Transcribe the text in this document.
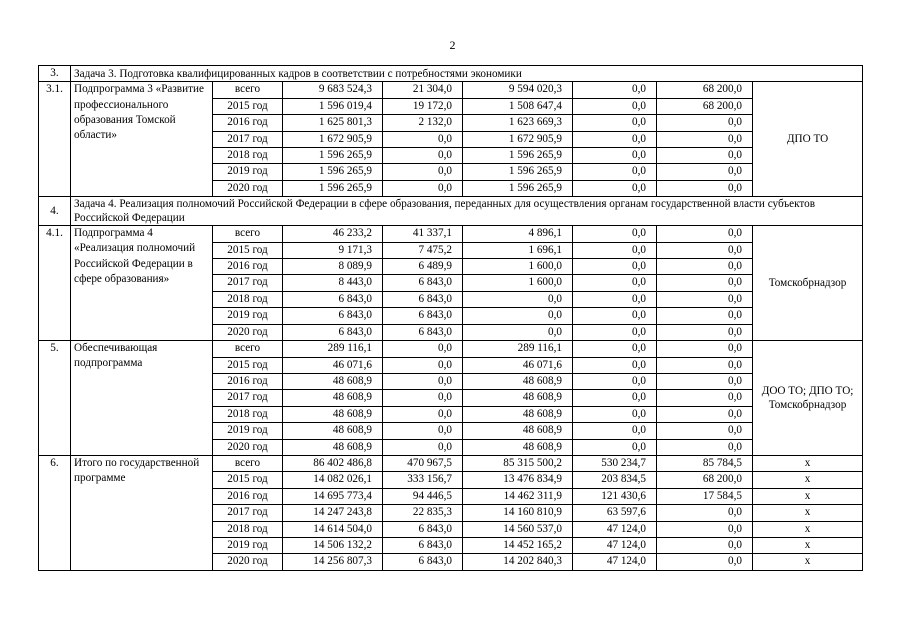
2
3.	Задача 3. Подготовка квалифицированных кадров в соответствии с потребностями экономики							
3.1.	Подпрограмма 3 «Развитие профессионального образования Томской области»	всего	9 683 524,3	21 304,0	9 594 020,3	0,0	68 200,0	ДПО ТО
		2015 год	1 596 019,4	19 172,0	1 508 647,4	0,0	68 200,0	
		2016 год	1 625 801,3	2 132,0	1 623 669,3	0,0	0,0	
		2017 год	1 672 905,9	0,0	1 672 905,9	0,0	0,0	
		2018 год	1 596 265,9	0,0	1 596 265,9	0,0	0,0	
		2019 год	1 596 265,9	0,0	1 596 265,9	0,0	0,0	
		2020 год	1 596 265,9	0,0	1 596 265,9	0,0	0,0	
4.	Задача 4. Реализация полномочий Российской Федерации в сфере образования, переданных для осуществления органам государственной власти субъектов Российской Федерации							
4.1.	Подпрограмма 4 «Реализация полномочий Российской Федерации в сфере образования»	всего	46 233,2	41 337,1	4 896,1	0,0	0,0	Томскобрнадзор
		2015 год	9 171,3	7 475,2	1 696,1	0,0	0,0	
		2016 год	8 089,9	6 489,9	1 600,0	0,0	0,0	
		2017 год	8 443,0	6 843,0	1 600,0	0,0	0,0	
		2018 год	6 843,0	6 843,0	0,0	0,0	0,0	
		2019 год	6 843,0	6 843,0	0,0	0,0	0,0	
		2020 год	6 843,0	6 843,0	0,0	0,0	0,0	
5.	Обеспечивающая подпрограмма	всего	289 116,1	0,0	289 116,1	0,0	0,0	ДОО ТО; ДПО ТО; Томскобрнадзор
		2015 год	46 071,6	0,0	46 071,6	0,0	0,0	
		2016 год	48 608,9	0,0	48 608,9	0,0	0,0	
		2017 год	48 608,9	0,0	48 608,9	0,0	0,0	
		2018 год	48 608,9	0,0	48 608,9	0,0	0,0	
		2019 год	48 608,9	0,0	48 608,9	0,0	0,0	
		2020 год	48 608,9	0,0	48 608,9	0,0	0,0	
6.	Итого по государственной программе	всего	86 402 486,8	470 967,5	85 315 500,2	530 234,7	85 784,5	х
		2015 год	14 082 026,1	333 156,7	13 476 834,9	203 834,5	68 200,0	х
		2016 год	14 695 773,4	94 446,5	14 462 311,9	121 430,6	17 584,5	х
		2017 год	14 247 243,8	22 835,3	14 160 810,9	63 597,6	0,0	х
		2018 год	14 614 504,0	6 843,0	14 560 537,0	47 124,0	0,0	х
		2019 год	14 506 132,2	6 843,0	14 452 165,2	47 124,0	0,0	х
		2020 год	14 256 807,3	6 843,0	14 202 840,3	47 124,0	0,0	х
